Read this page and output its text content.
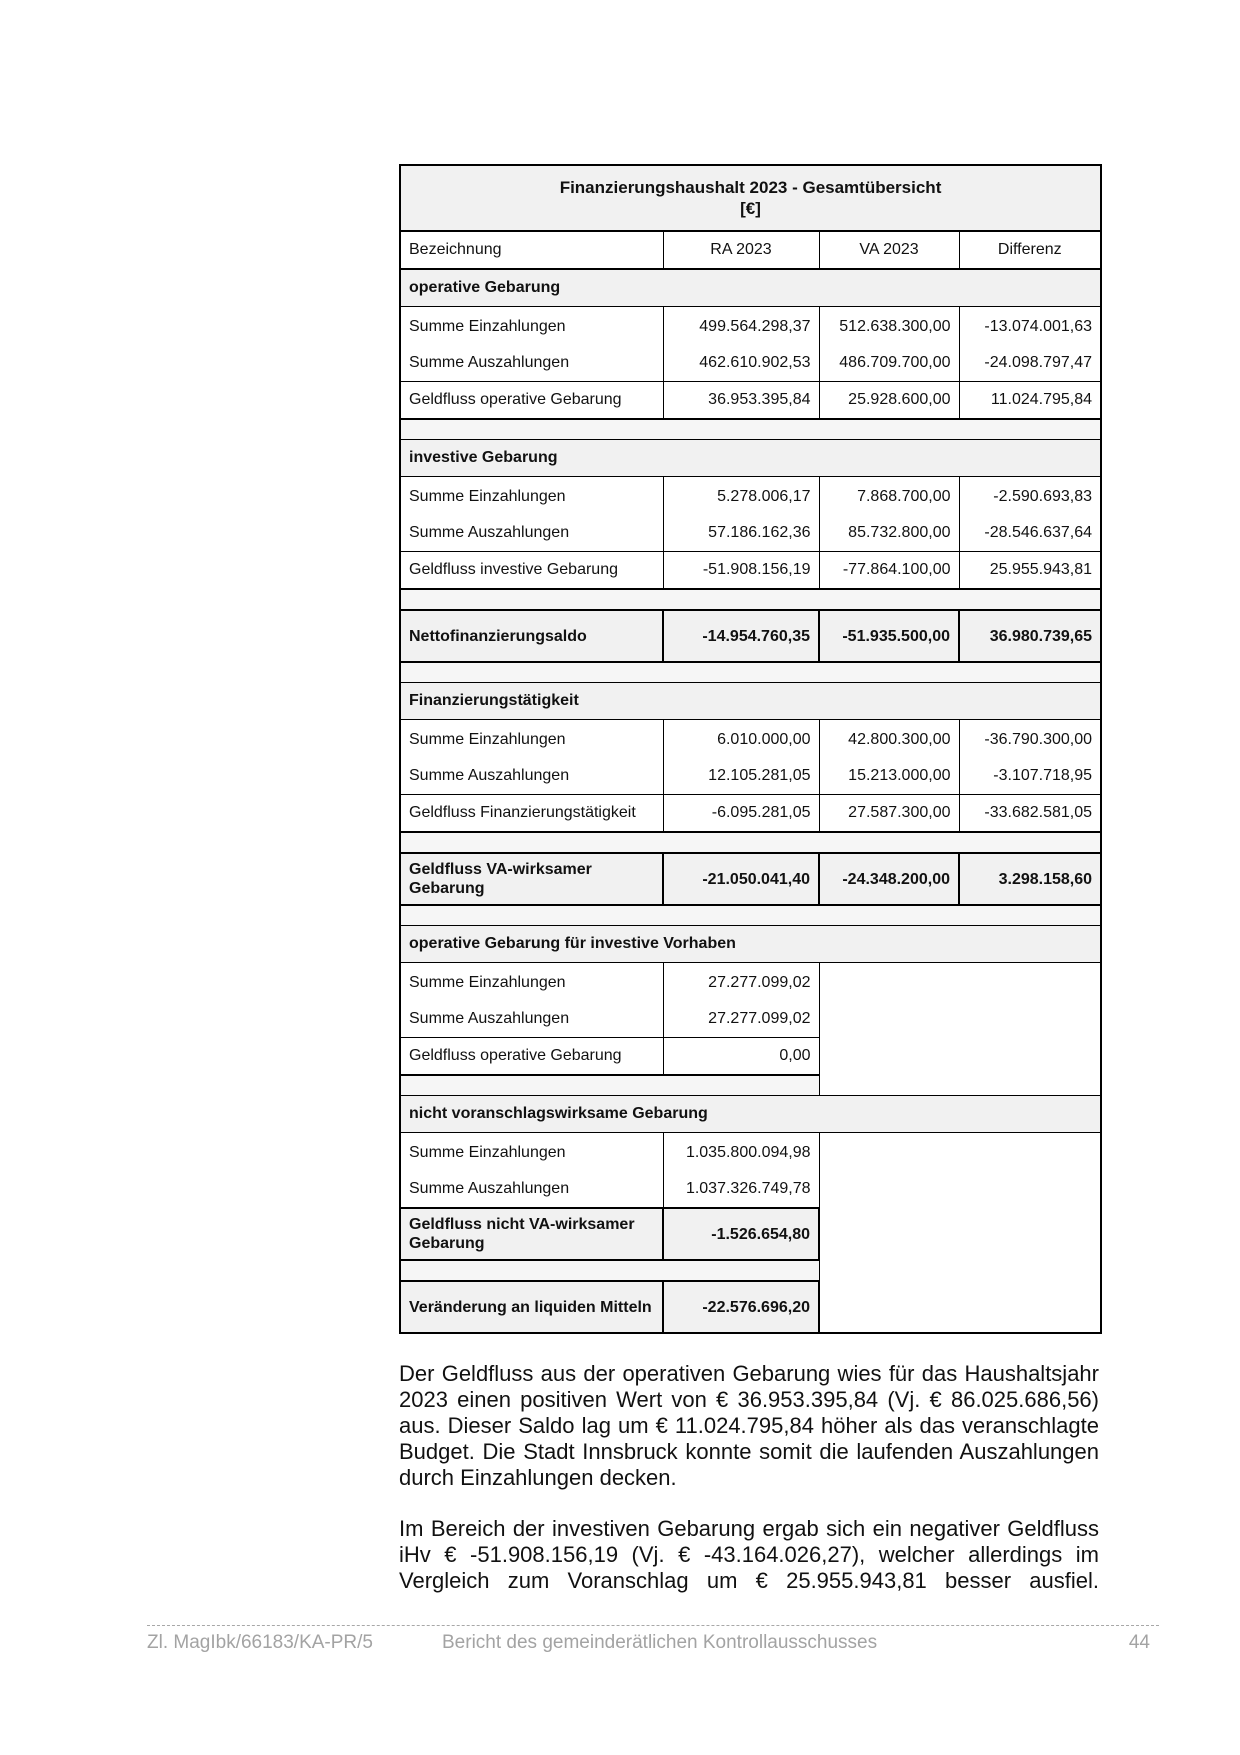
Finanzierungshaushalt 2023 - Gesamtübersicht
[€]			
Bezeichnung	RA 2023	VA 2023	Differenz
operative Gebarung			
Summe Einzahlungen	499.564.298,37	512.638.300,00	-13.074.001,63
Summe Auszahlungen	462.610.902,53	486.709.700,00	-24.098.797,47
Geldfluss operative Gebarung	36.953.395,84	25.928.600,00	11.024.795,84

investive Gebarung			
Summe Einzahlungen	5.278.006,17	7.868.700,00	-2.590.693,83
Summe Auszahlungen	57.186.162,36	85.732.800,00	-28.546.637,64
Geldfluss investive Gebarung	-51.908.156,19	-77.864.100,00	25.955.943,81

Nettofinanzierungsaldo	-14.954.760,35	-51.935.500,00	36.980.739,65

Finanzierungstätigkeit			
Summe Einzahlungen	6.010.000,00	42.800.300,00	-36.790.300,00
Summe Auszahlungen	12.105.281,05	15.213.000,00	-3.107.718,95
Geldfluss Finanzierungstätigkeit	-6.095.281,05	27.587.300,00	-33.682.581,05

Geldfluss VA-wirksamer Gebarung	-21.050.041,40	-24.348.200,00	3.298.158,60

operative Gebarung für investive Vorhaben			
Summe Einzahlungen	27.277.099,02		
Summe Auszahlungen	27.277.099,02		
Geldfluss operative Gebarung	0,00		

nicht voranschlagswirksame Gebarung			
Summe Einzahlungen	1.035.800.094,98		
Summe Auszahlungen	1.037.326.749,78		
Geldfluss nicht VA-wirksamer Gebarung	-1.526.654,80		

Veränderung an liquiden Mitteln	-22.576.696,20		

Der Geldfluss aus der operativen Gebarung wies für das Haushaltsjahr 2023 einen positiven Wert von € 36.953.395,84 (Vj. € 86.025.686,56) aus. Dieser Saldo lag um € 11.024.795,84 höher als das veranschlagte Budget. Die Stadt Innsbruck konnte somit die laufenden Auszahlungen durch Einzahlungen decken.

Im Bereich der investiven Gebarung ergab sich ein negativer Geldfluss iHv € -51.908.156,19 (Vj. € -43.164.026,27), welcher allerdings im Vergleich zum Voranschlag um € 25.955.943,81 besser ausfiel.

Zl. MagIbk/66183/KA-PR/5	Bericht des gemeinderätlichen Kontrollausschusses	44
